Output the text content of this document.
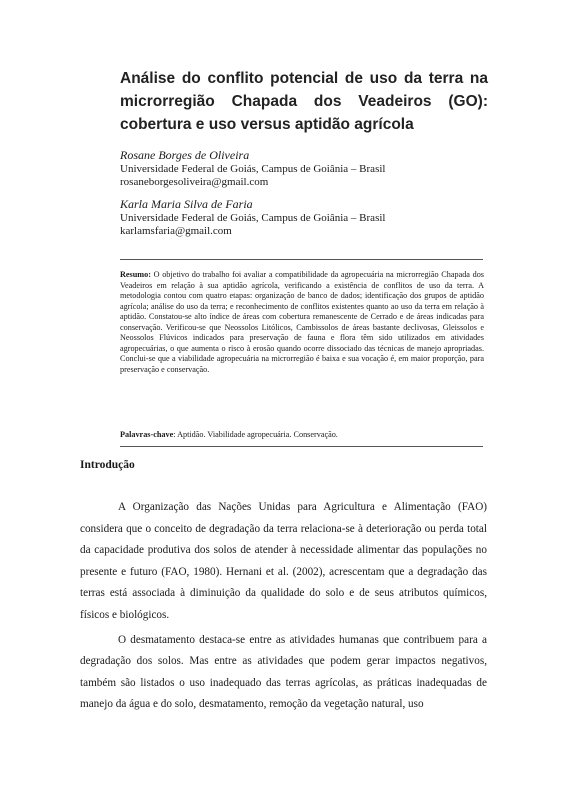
Análise do conflito potencial de uso da terra na microrregião Chapada dos Veadeiros (GO): cobertura e uso versus aptidão agrícola
Rosane Borges de Oliveira
Universidade Federal de Goiás, Campus de Goiânia – Brasil
rosaneborgesoliveira@gmail.com
Karla Maria Silva de Faria
Universidade Federal de Goiás, Campus de Goiânia – Brasil
karlamsfaria@gmail.com
Resumo: O objetivo do trabalho foi avaliar a compatibilidade da agropecuária na microrregião Chapada dos Veadeiros em relação à sua aptidão agrícola, verificando a existência de conflitos de uso da terra. A metodologia contou com quatro etapas: organização de banco de dados; identificação dos grupos de aptidão agrícola; análise do uso da terra; e reconhecimento de conflitos existentes quanto ao uso da terra em relação à aptidão. Constatou-se alto índice de áreas com cobertura remanescente de Cerrado e de áreas indicadas para conservação. Verificou-se que Neossolos Litólicos, Cambissolos de áreas bastante declivosas, Gleissolos e Neossolos Flúvicos indicados para preservação de fauna e flora têm sido utilizados em atividades agropecuárias, o que aumenta o risco à erosão quando ocorre dissociado das técnicas de manejo apropriadas. Conclui-se que a viabilidade agropecuária na microrregião é baixa e sua vocação é, em maior proporção, para preservação e conservação.
Palavras-chave: Aptidão. Viabilidade agropecuária. Conservação.
Introdução

A Organização das Nações Unidas para Agricultura e Alimentação (FAO) considera que o conceito de degradação da terra relaciona-se à deterioração ou perda total da capacidade produtiva dos solos de atender à necessidade alimentar das populações no presente e futuro (FAO, 1980). Hernani et al. (2002), acrescentam que a degradação das terras está associada à diminuição da qualidade do solo e de seus atributos químicos, físicos e biológicos.

O desmatamento destaca-se entre as atividades humanas que contribuem para a degradação dos solos. Mas entre as atividades que podem gerar impactos negativos, também são listados o uso inadequado das terras agrícolas, as práticas inadequadas de manejo da água e do solo, desmatamento, remoção da vegetação natural, uso
